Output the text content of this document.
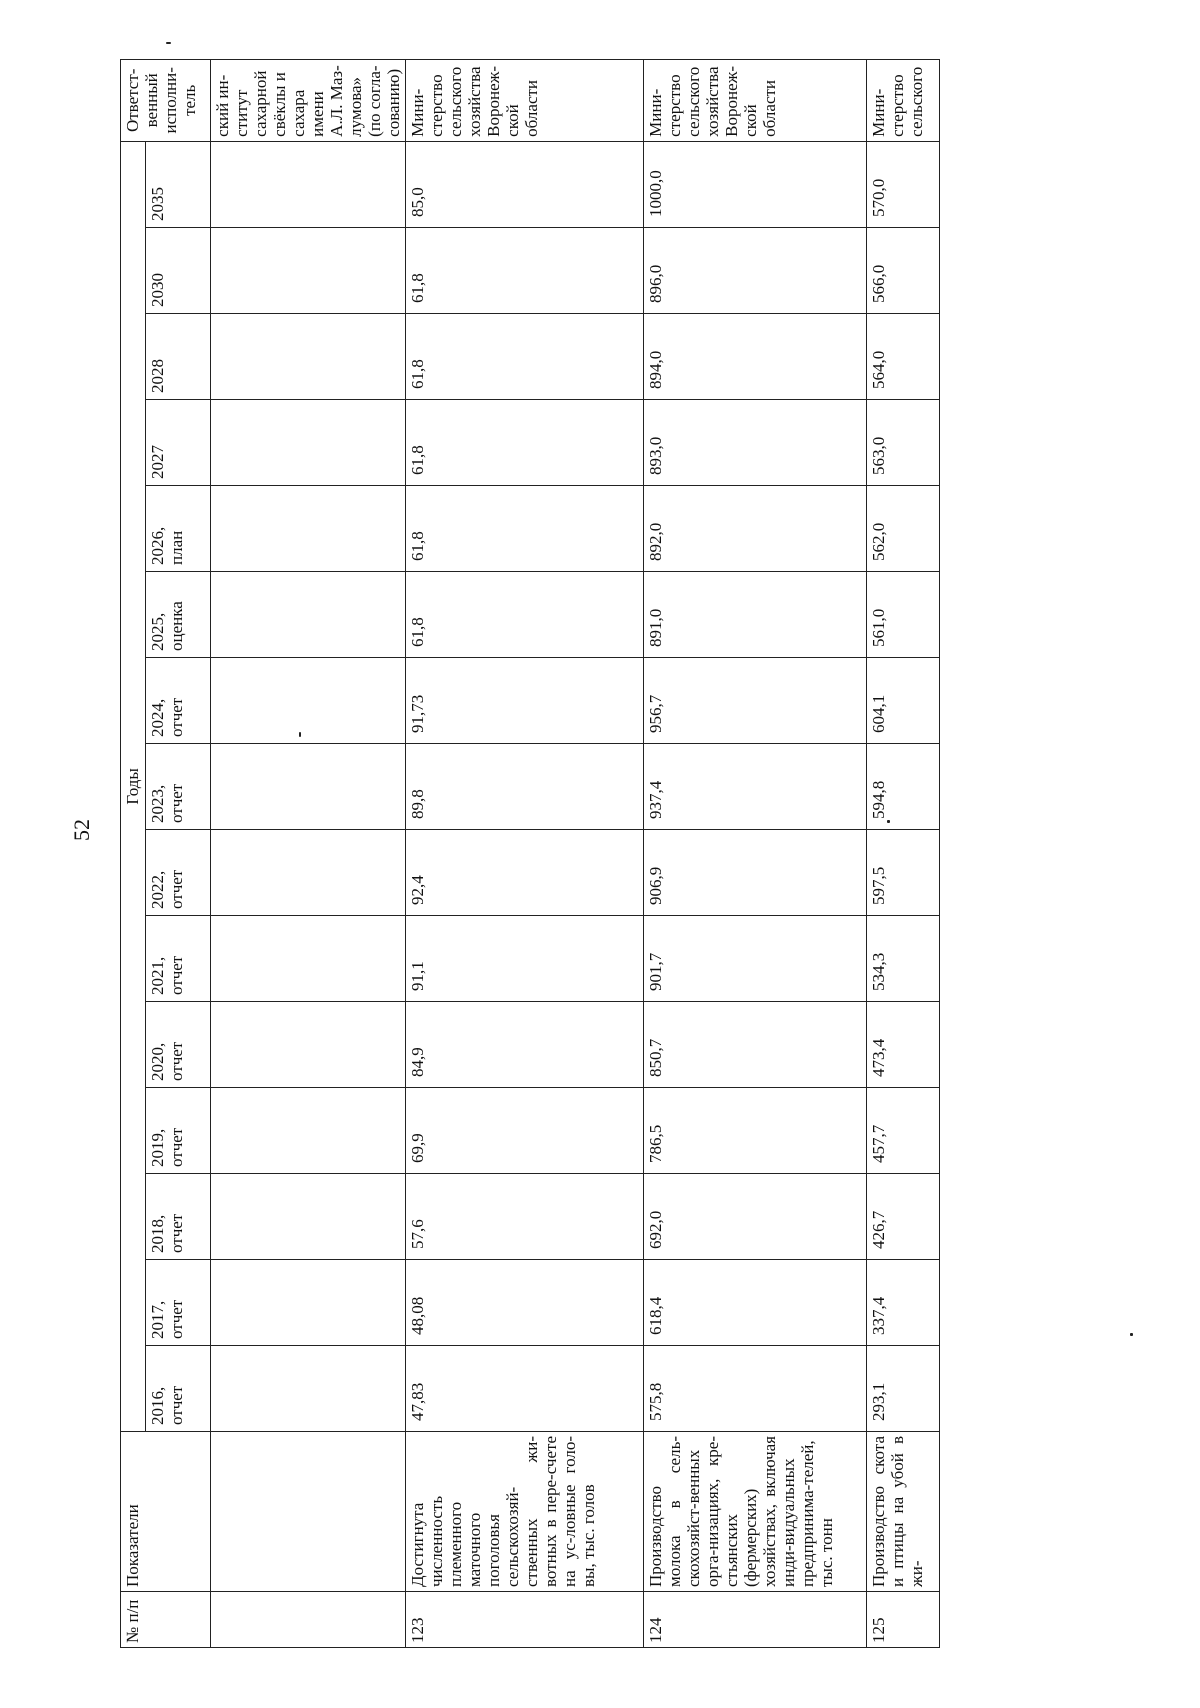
52
№ п/п	Показатели	Годы															Ответст-венный исполни-тель
		2016, отчет	2017, отчет	2018, отчет	2019, отчет	2020, отчет	2021, отчет	2022, отчет	2023, отчет	2024, отчет	2025, оценка	2026, план	2027	2028	2030	2035	
																	ский ин-ститут сахарной свёклы и сахара имени А.Л. Маз-лумова» (по согла-сованию)
123	Достигнута численность племенного маточного поголовья сельскохозяй-ственных жи-вотных в пере-счете на ус-ловные голо-вы, тыс. голов	47,83	48,08	57,6	69,9	84,9	91,1	92,4	89,8	91,73	61,8	61,8	61,8	61,8	61,8	85,0	Мини-стерство сельского хозяйства Воронеж-ской области
124	Производство молока в сель-скохозяйст-венных орга-низациях, кре-стьянских (фермерских) хозяйствах, включая инди-видуальных предпринима-телей, тыс. тонн	575,8	618,4	692,0	786,5	850,7	901,7	906,9	937,4	956,7	891,0	892,0	893,0	894,0	896,0	1000,0	Мини-стерство сельского хозяйства Воронеж-ской области
125	Производство скота и птицы на убой в жи-	293,1	337,4	426,7	457,7	473,4	534,3	597,5	594,8	604,1	561,0	562,0	563,0	564,0	566,0	570,0	Мини-стерство сельского
